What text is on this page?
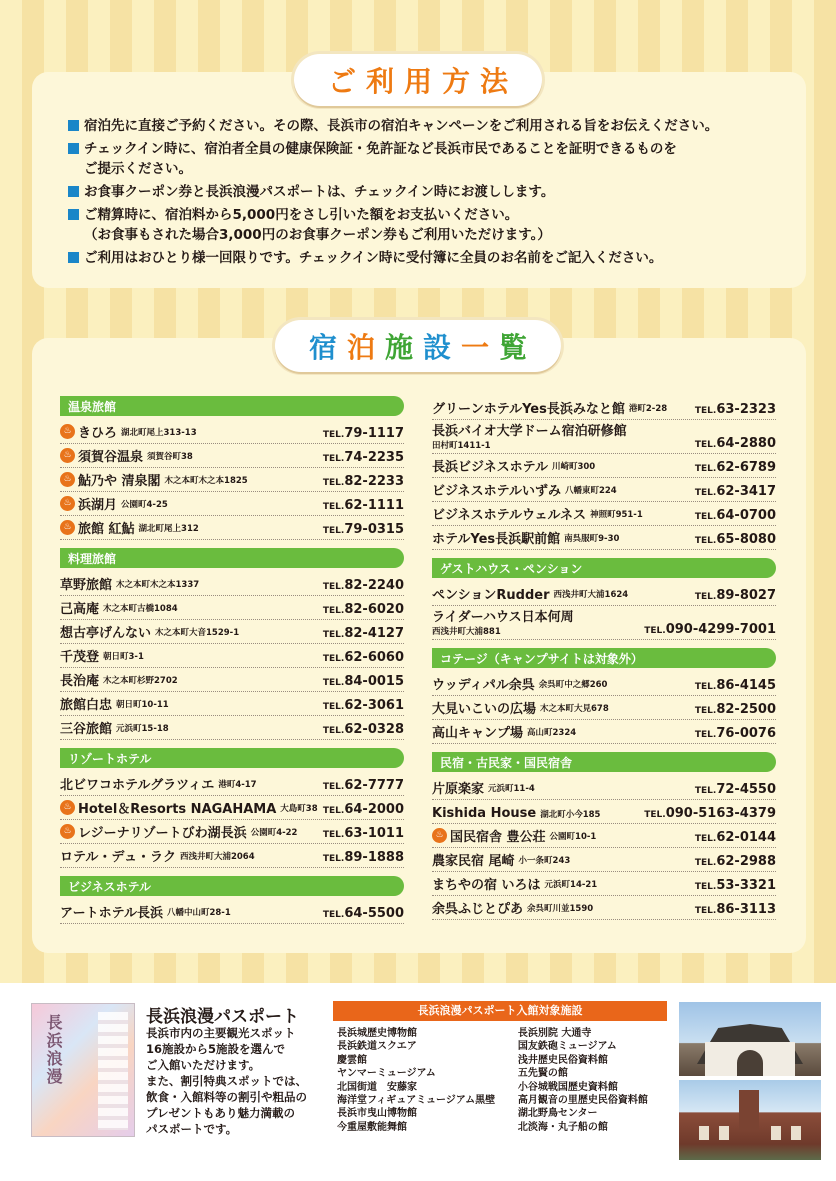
宿泊先に直接ご予約ください。その際、長浜市の宿泊キャンペーンをご利用される旨をお伝えください。
チェックイン時に、宿泊者全員の健康保険証・免許証など長浜市民であることを証明できるものを
ご提示ください。
お食事クーポン券と長浜浪漫パスポートは、チェックイン時にお渡しします。
ご精算時に、宿泊料から5,000円をさし引いた額をお支払いください。
（お食事もされた場合3,000円のお食事クーポン券もご利用いただけます。）
ご利用はおひとり様一回限りです。チェックイン時に受付簿に全員のお名前をご記入ください。
ご利用方法
温泉旅館
♨ きひろ 湖北町尾上313-13	TEL.79-1117
♨ 須賀谷温泉 須賀谷町38	TEL.74-2235
♨ 鮎乃や 清泉閣 木之本町木之本1825	TEL.82-2233
♨ 浜湖月 公園町4-25	TEL.62-1111
♨ 旅館 紅鮎 湖北町尾上312	TEL.79-0315
料理旅館
草野旅館 木之本町木之本1337	TEL.82-2240
己高庵 木之本町古橋1084	TEL.82-6020
想古亭げんない 木之本町大音1529-1	TEL.82-4127
千茂登 朝日町3-1	TEL.62-6060
長治庵 木之本町杉野2702	TEL.84-0015
旅館白忠 朝日町10-11	TEL.62-3061
三谷旅館 元浜町15-18	TEL.62-0328
リゾートホテル
北ビワコホテルグラツィエ 港町4-17	TEL.62-7777
♨ Hotel＆Resorts NAGAHAMA 大島町38 TEL.64-2000
♨ レジーナリゾートびわ湖長浜 公園町4-22	TEL.63-1011
ロテル・デュ・ラク 西浅井町大浦2064	TEL.89-1888
ビジネスホテル
アートホテル長浜 八幡中山町28-1	TEL.64-5500
グリーンホテルYes長浜みなと館 港町2-28	TEL.63-2323
長浜バイオ大学ドーム宿泊研修館
田村町1411-1	TEL.64-2880
長浜ビジネスホテル 川崎町300	TEL.62-6789
ビジネスホテルいずみ 八幡東町224	TEL.62-3417
ビジネスホテルウェルネス 神照町951-1	TEL.64-0700
ホテルYes長浜駅前館 南呉服町9-30	TEL.65-8080
ゲストハウス・ペンション
ペンションRudder 西浅井町大浦1624	TEL.89-8027
ライダーハウス日本何周
西浅井町大浦881	TEL.090-4299-7001
コテージ（キャンプサイトは対象外）
ウッディパル余呉 余呉町中之郷260	TEL.86-4145
大見いこいの広場 木之本町大見678	TEL.82-2500
高山キャンプ場 高山町2324	TEL.76-0076
民宿・古民家・国民宿舎
片原楽家 元浜町11-4	TEL.72-4550
Kishida House 湖北町小今185	TEL.090-5163-4379
♨ 国民宿舎 豊公荘 公園町10-1	TEL.62-0144
農家民宿 尾崎 小一条町243	TEL.62-2988
まちやの宿 いろは 元浜町14-21	TEL.53-3321
余呉ふじとぴあ 余呉町川並1590	TEL.86-3113
宿泊施設一覧
長浜浪漫	長浜浪漫パスポート
長浜市内の主要観光スポット
16施設から5施設を選んで
ご入館いただけます。
また、割引特典スポットでは、
飲食・入館料等の割引や粗品の
プレゼントもあり魅力満載の
パスポートです。
長浜浪漫パスポート入館対象施設
長浜城歴史博物館
長浜鉄道スクエア
慶雲館
ヤンマーミュージアム
北国街道　安藤家
海洋堂フィギュアミュージアム黒壁
長浜市曳山博物館
今重屋敷能舞館
長浜別院 大通寺
国友鉄砲ミュージアム
浅井歴史民俗資料館
五先賢の館
小谷城戦国歴史資料館
高月観音の里歴史民俗資料館
湖北野鳥センター
北淡海・丸子船の館
